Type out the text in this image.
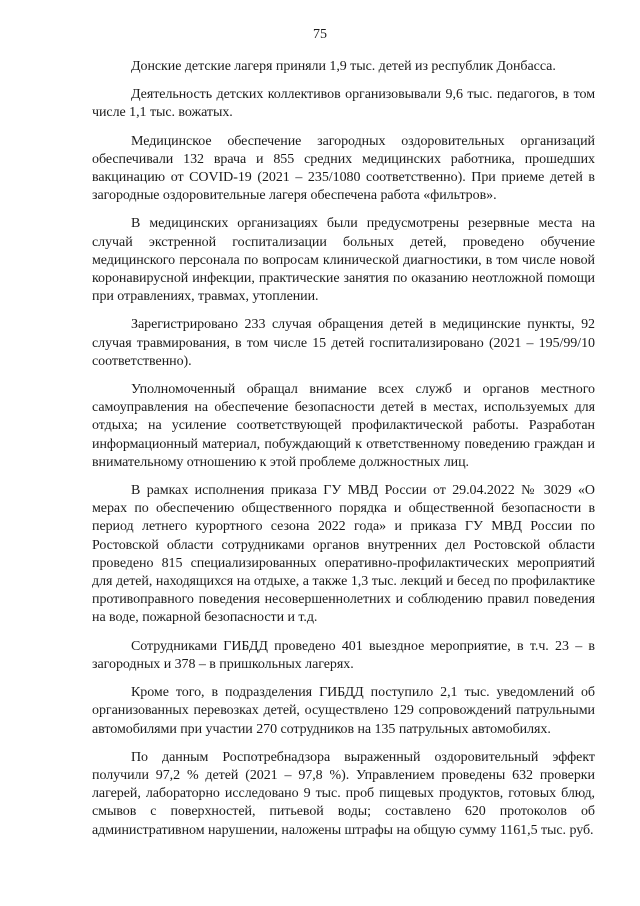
75

Донские детские лагеря приняли 1,9 тыс. детей из республик Донбасса.

Деятельность детских коллективов организовывали 9,6 тыс. педагогов, в том числе 1,1 тыс. вожатых.

Медицинское обеспечение загородных оздоровительных организаций обеспечивали 132 врача и 855 средних медицинских работника, прошедших вакцинацию от COVID-19 (2021 – 235/1080 соответственно). При приеме детей в загородные оздоровительные лагеря обеспечена работа «фильтров».

В медицинских организациях были предусмотрены резервные места на случай экстренной госпитализации больных детей, проведено обучение медицинского персонала по вопросам клинической диагностики, в том числе новой коронавирусной инфекции, практические занятия по оказанию неотложной помощи при отравлениях, травмах, утоплении.

Зарегистрировано 233 случая обращения детей в медицинские пункты, 92 случая травмирования, в том числе 15 детей госпитализировано (2021 – 195/99/10 соответственно).

Уполномоченный обращал внимание всех служб и органов местного самоуправления на обеспечение безопасности детей в местах, используемых для отдыха; на усиление соответствующей профилактической работы. Разработан информационный материал, побуждающий к ответственному поведению граждан и внимательному отношению к этой проблеме должностных лиц.

В рамках исполнения приказа ГУ МВД России от 29.04.2022 № 3029 «О мерах по обеспечению общественного порядка и общественной безопасности в период летнего курортного сезона 2022 года» и приказа ГУ МВД России по Ростовской области сотрудниками органов внутренних дел Ростовской области проведено 815 специализированных оперативно-профилактических мероприятий для детей, находящихся на отдыхе, а также 1,3 тыс. лекций и бесед по профилактике противоправного поведения несовершеннолетних и соблюдению правил поведения на воде, пожарной безопасности и т.д.

Сотрудниками ГИБДД проведено 401 выездное мероприятие, в т.ч. 23 – в загородных и 378 – в пришкольных лагерях.

Кроме того, в подразделения ГИБДД поступило 2,1 тыс. уведомлений об организованных перевозках детей, осуществлено 129 сопровождений патрульными автомобилями при участии 270 сотрудников на 135 патрульных автомобилях.

По данным Роспотребнадзора выраженный оздоровительный эффект получили 97,2 % детей (2021 – 97,8 %). Управлением проведены 632 проверки лагерей, лабораторно исследовано 9 тыс. проб пищевых продуктов, готовых блюд, смывов с поверхностей, питьевой воды; составлено 620 протоколов об административном нарушении, наложены штрафы на общую сумму 1161,5 тыс. руб.
